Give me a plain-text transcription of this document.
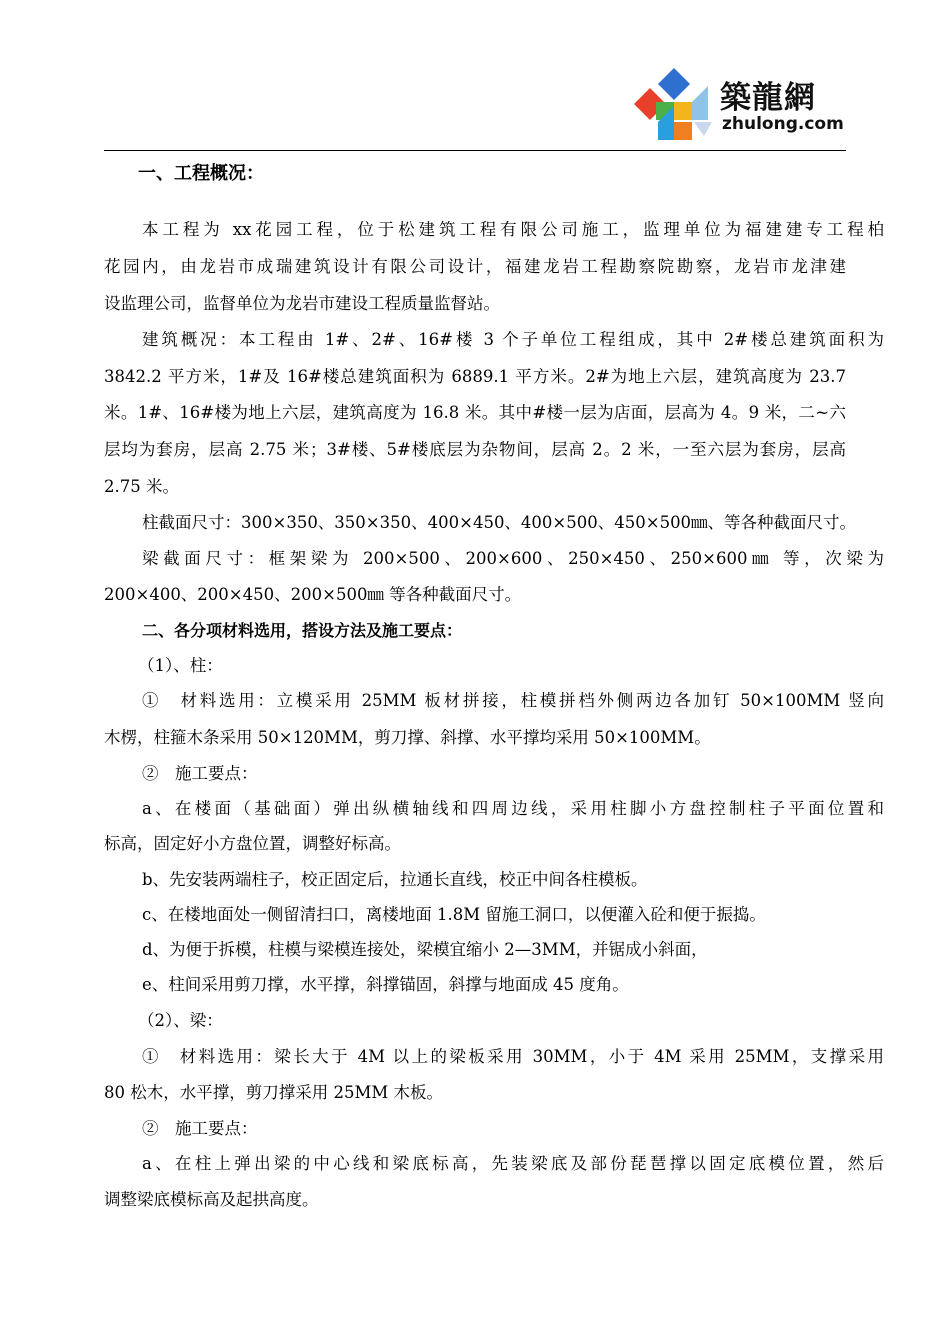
築龍網
zhulong.com
一、工程概况：
本工程为 xx花园工程，位于松建筑工程有限公司施工，监理单位为福建建专工程柏
花园内，由龙岩市成瑞建筑设计有限公司设计，福建龙岩工程勘察院勘察，龙岩市龙津建
设监理公司，监督单位为龙岩市建设工程质量监督站。
建筑概况：本工程由 1#、2#、16#楼 3 个子单位工程组成，其中 2#楼总建筑面积为
3842.2 平方米，1#及 16#楼总建筑面积为 6889.1 平方米。2#为地上六层，建筑高度为 23.7
米。1#、16#楼为地上六层，建筑高度为 16.8 米。其中#楼一层为店面，层高为 4。9 米，二~六
层均为套房，层高 2.75 米；3#楼、5#楼底层为杂物间，层高 2。2 米，一至六层为套房，层高
2.75 米。
柱截面尺寸：300×350、350×350、400×450、400×500、450×500㎜、等各种截面尺寸。
梁截面尺寸：框架梁为 200×500、200×600、250×450、250×600㎜ 等，次梁为
200×400、200×450、200×500㎜ 等各种截面尺寸。
二、各分项材料选用，搭设方法及施工要点：
（1）、柱：
①　材料选用：立模采用 25MM 板材拼接，柱模拼档外侧两边各加钉 50×100MM 竖向
木楞，柱箍木条采用 50×120MM，剪刀撑、斜撑、水平撑均采用 50×100MM。
②　施工要点：
a、在楼面（基础面）弹出纵横轴线和四周边线，采用柱脚小方盘控制柱子平面位置和
标高，固定好小方盘位置，调整好标高。
b、先安装两端柱子，校正固定后，拉通长直线，校正中间各柱模板。
c、在楼地面处一侧留清扫口，离楼地面 1.8M 留施工洞口，以便灌入砼和便于振捣。
d、为便于拆模，柱模与梁模连接处，梁模宜缩小 2—3MM，并锯成小斜面，
e、柱间采用剪刀撑，水平撑，斜撑锚固，斜撑与地面成 45 度角。
（2）、梁：
①　材料选用：梁长大于 4M 以上的梁板采用 30MM，小于 4M 采用 25MM，支撑采用
80 松木，水平撑，剪刀撑采用 25MM 木板。
②　施工要点：
a、在柱上弹出梁的中心线和梁底标高，先装梁底及部份琵琶撑以固定底模位置，然后
调整梁底模标高及起拱高度。
